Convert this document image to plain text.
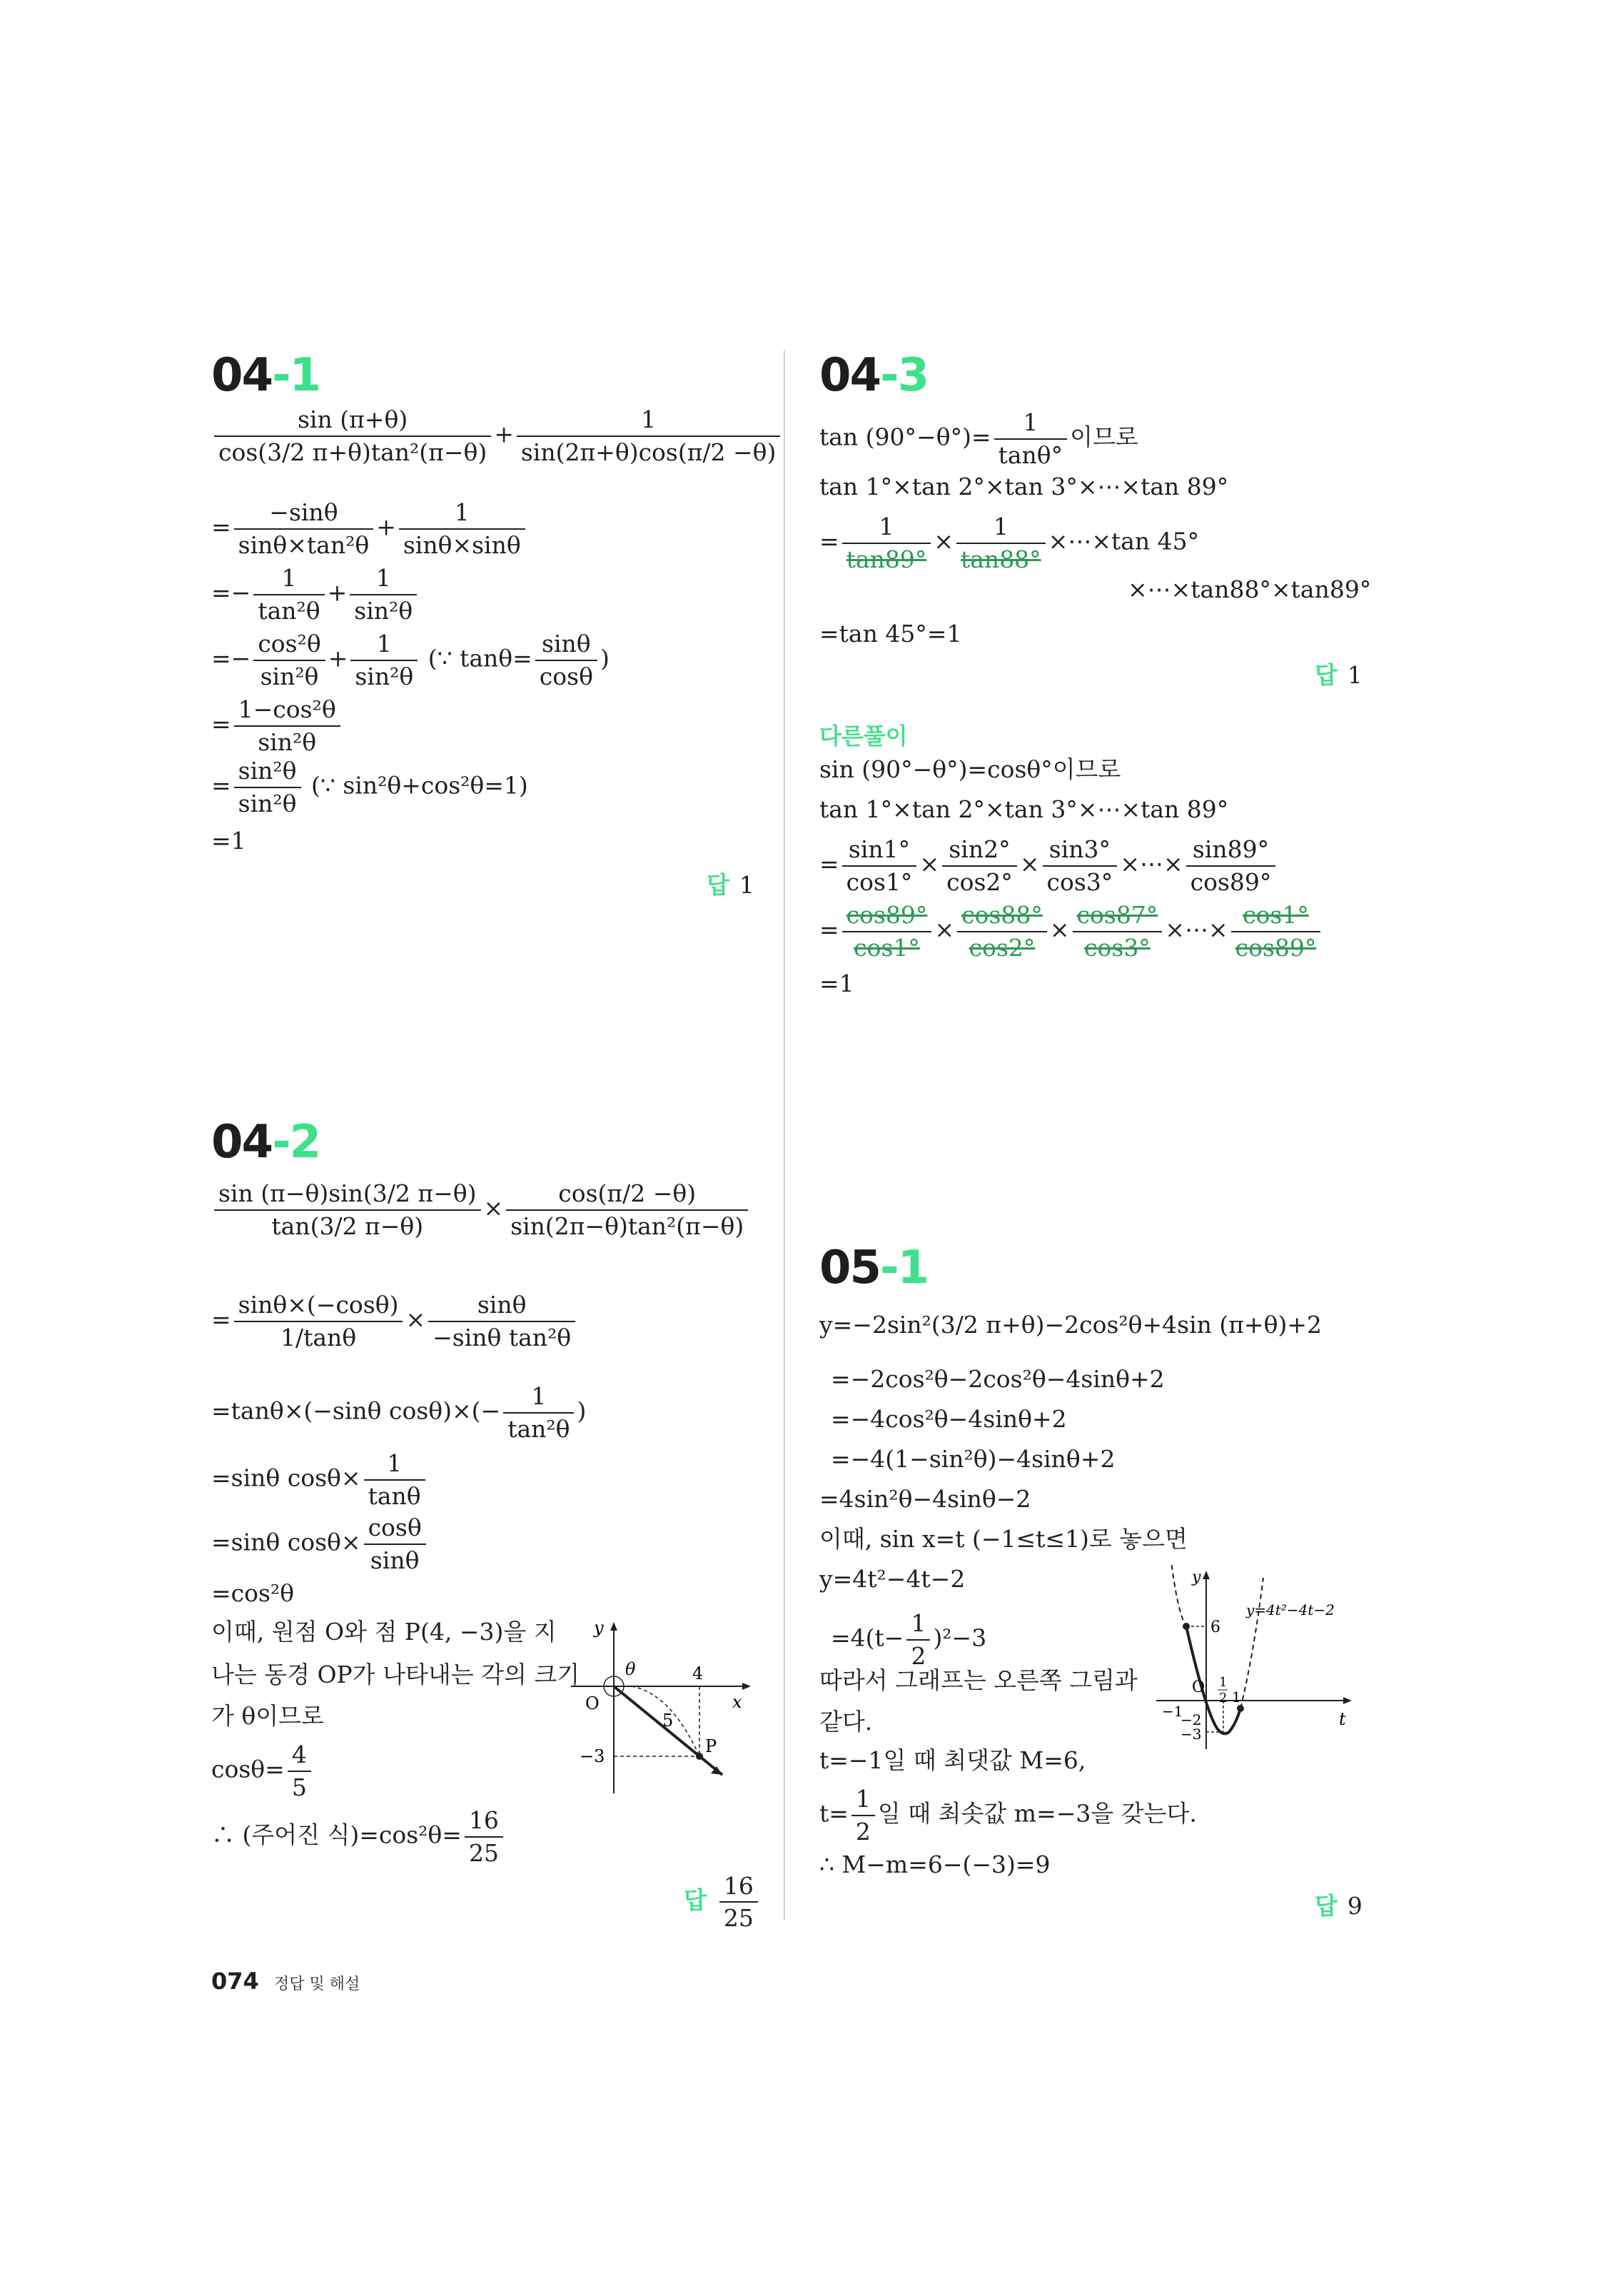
04-1
$\frac{\sin (\pi+\theta)}{\text{cos(3/2 π+θ)tan²(π−θ)}} + \frac{1}{\sin(2\pi+\theta)\cos(\pi/2 -\theta)}$
= $\frac{-\sin\theta}{\text{sinθ×tan²θ}} + \frac{1}{\sin\theta\times\sin\theta}$
=− $\frac{1}{\text{tan²θ}} + \frac{1}{\text{sin²θ}}$
=− $\frac{\text{cos²θ}}{\text{sin²θ}} + \frac{1}{\text{sin²θ}}$ (∵ $\tan\theta= \frac{\sin\theta}{\cos\theta}$ )
= $\frac{\text{1−cos²θ}}{\text{sin²θ}}$
= $\frac{\text{sin²θ}}{\text{sin²θ}}$ (∵ sin²θ+cos²θ=1)
=1
답 1
04-2
$\frac{\sin (\pi-\theta)\sin(3/2 \pi-\theta)}{\tan(3/2 \pi-\theta)} \times \frac{\cos(\pi/2 -\theta)}{\text{sin(2π−θ)tan²(π−θ)}}$
= $\frac{\sin\theta\times(-\cos\theta)}{1/\tan\theta} \times \frac{\sin\theta}{\text{−sinθ tan²θ}}$
=tanθ×(−sinθ $\cos\theta)\times(- \frac{1}{\text{tan²θ}}$ )
=sinθ $\cos\theta\times \frac{1}{\tan\theta}$
=sinθ $\cos\theta\times \frac{\cos\theta}{\sin\theta}$
=cos²θ
이때, 원점 O와 점 P(4, −3)을 지
나는 동경 OP가 나타내는 각의 크기
가 θ이므로
$\cos\theta= \frac{4}{5}$
∴ (주어진 식)$=\cos^2\theta= \frac{16}{25}$
답 $\frac{16}{25}$
y
x
O
θ	4
5
−3	P
04-3
$\tan (90^\circ-\theta^\circ)= \frac{1}{\tan\theta^\circ}$ 이므로
tan 1°×tan 2°×tan 3°×⋯×tan 89°
= $\frac{1}{\tan 89^\circ} \times \frac{1}{\tan 88^\circ}$ ×⋯×tan 45°
×⋯×tan88°×tan89°
=tan 45°=1
답 1
다른풀이
sin (90°−θ°)=cosθ°이므로
tan 1°×tan 2°×tan 3°×⋯×tan 89°
= $\frac{\sin 1^\circ}{\cos 1^\circ} \times \frac{\sin 2^\circ}{\cos 2^\circ} \times \frac{\sin 3^\circ}{\cos 3^\circ}$ ×⋯× $\frac{\sin 89^\circ}{\cos 89^\circ}$
= $\frac{\cos 89^\circ}{\cos 1^\circ} \times \frac{\cos 88^\circ}{\cos 2^\circ} \times \frac{\cos 87^\circ}{\cos 3^\circ}$ ×⋯× $\frac{\cos 1^\circ}{\cos 89^\circ}$
=1
05-1
y=−2sin²(3/2 π+θ)−2cos²θ+4sin (π+θ)+2
=−2cos²θ−2cos²θ−4sinθ+2
=−4cos²θ−4sinθ+2
=−4(1−sin²θ)−4sinθ+2
=4sin²θ−4sinθ−2
이때, sin x=t (−1≤t≤1)로 놓으면
y=4t²−4t−2
$=4(t- \frac{1}{2} )^2-3$
따라서 그래프는 오른쪽 그림과
같다.
t=−1일 때 최댓값 M=6,
$t= \frac{1}{2}$ 일 때 최솟값 m=−3을 갖는다.
∴ M−m=6−(−3)=9
답 9
y
t
O
6
1
2 1
−1
−2
−3
y=4t²−4t−2
074 정답 및 해설
